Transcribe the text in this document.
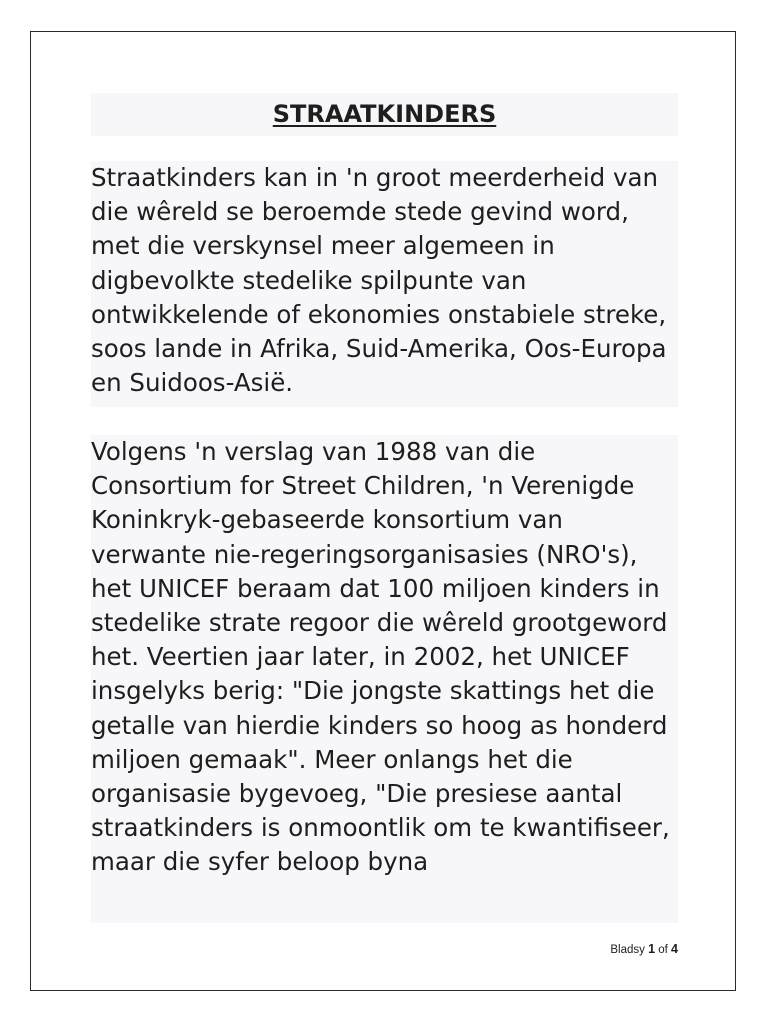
STRAATKINDERS

Straatkinders kan in 'n groot meerderheid van die wêreld se beroemde stede gevind word, met die verskynsel meer algemeen in digbevolkte stedelike spilpunte van ontwikkelende of ekonomies onstabiele streke, soos lande in Afrika, Suid-Amerika, Oos-Europa en Suidoos-Asië.

Volgens 'n verslag van 1988 van die Consortium for Street Children, 'n Verenigde Koninkryk-gebaseerde konsortium van verwante nie-regeringsorganisasies (NRO's), het UNICEF beraam dat 100 miljoen kinders in stedelike strate regoor die wêreld grootgeword het. Veertien jaar later, in 2002, het UNICEF insgelyks berig: "Die jongste skattings het die getalle van hierdie kinders so hoog as honderd miljoen gemaak". Meer onlangs het die organisasie bygevoeg, "Die presiese aantal straatkinders is onmoontlik om te kwantifiseer, maar die syfer beloop byna

Bladsy 1 of 4
